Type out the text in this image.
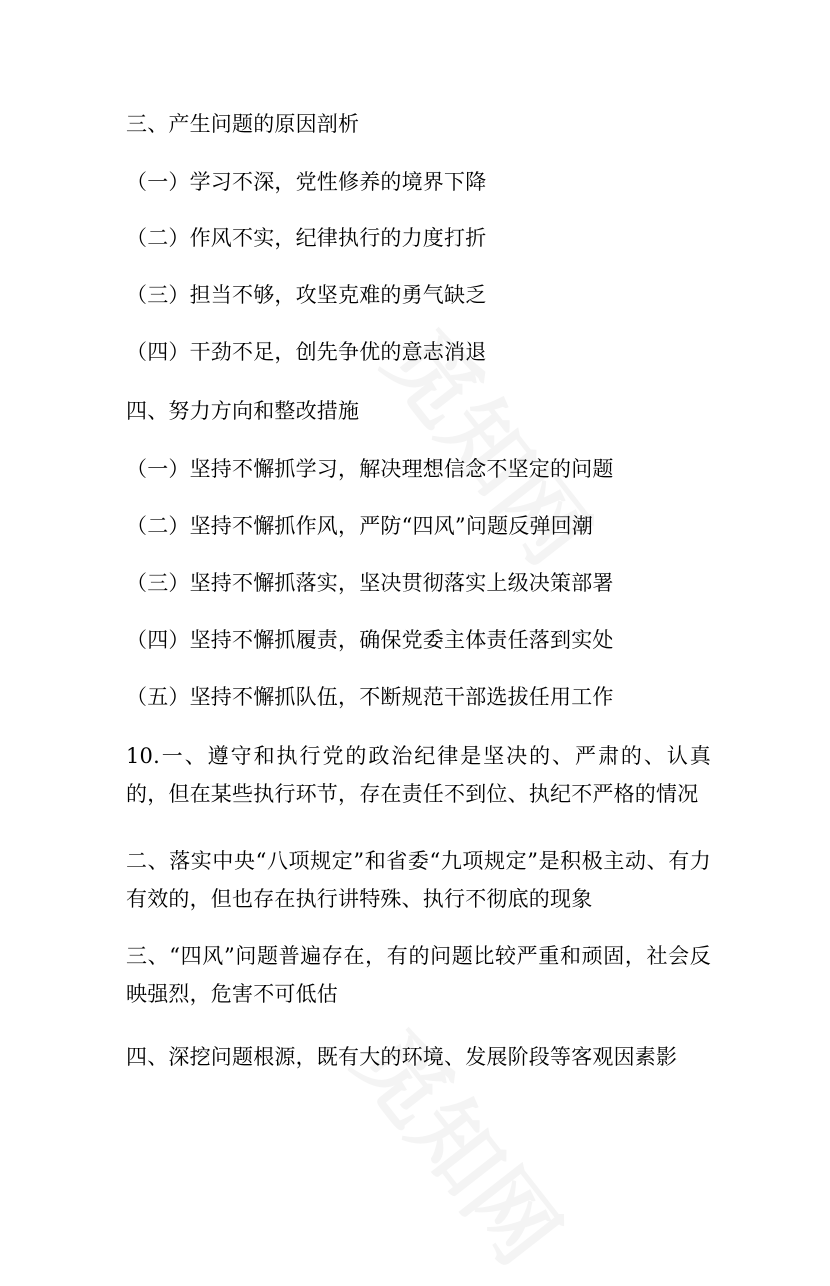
三、产生问题的原因剖析
（一）学习不深，党性修养的境界下降
（二）作风不实，纪律执行的力度打折
（三）担当不够，攻坚克难的勇气缺乏
（四）干劲不足，创先争优的意志消退
四、努力方向和整改措施
（一）坚持不懈抓学习，解决理想信念不坚定的问题
（二）坚持不懈抓作风，严防“四风”问题反弹回潮
（三）坚持不懈抓落实，坚决贯彻落实上级决策部署
（四）坚持不懈抓履责，确保党委主体责任落到实处
（五）坚持不懈抓队伍，不断规范干部选拔任用工作
10.一、遵守和执行党的政治纪律是坚决的、严肃的、认真的，但在某些执行环节，存在责任不到位、执纪不严格的情况
二、落实中央“八项规定”和省委“九项规定”是积极主动、有力有效的，但也存在执行讲特殊、执行不彻底的现象
三、“四风”问题普遍存在，有的问题比较严重和顽固，社会反映强烈，危害不可低估
四、深挖问题根源，既有大的环境、发展阶段等客观因素影
